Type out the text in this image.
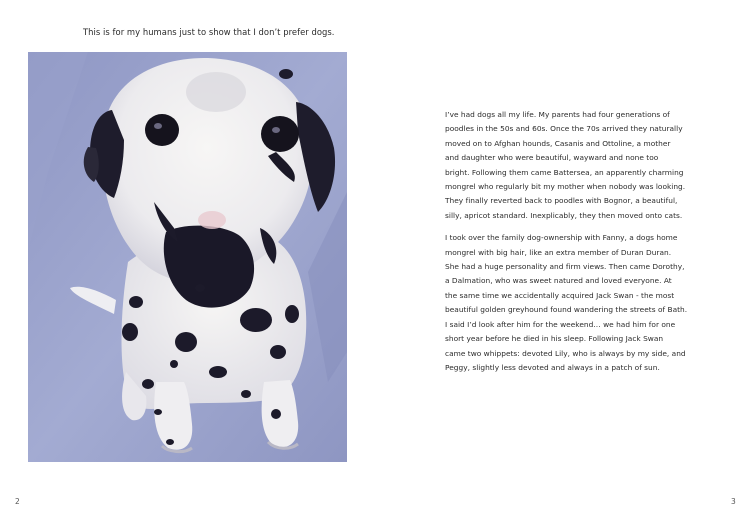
This is for my humans just to show that I don’t prefer dogs.

I’ve had dogs all my life. My parents had four generations of
poodles in the 50s and 60s. Once the 70s arrived they naturally
moved on to Afghan hounds, Casanis and Ottoline, a mother
and daughter who were beautiful, wayward and none too
bright. Following them came Battersea, an apparently charming
mongrel who regularly bit my mother when nobody was looking.
They finally reverted back to poodles with Bognor, a beautiful,
silly, apricot standard. Inexplicably, they then moved onto cats.

I took over the family dog-ownership with Fanny, a dogs home
mongrel with big hair, like an extra member of Duran Duran.
She had a huge personality and firm views. Then came Dorothy,
a Dalmation, who was sweet natured and loved everyone. At
the same time we accidentally acquired Jack Swan - the most
beautiful golden greyhound found wandering the streets of Bath.
I said I’d look after him for the weekend… we had him for one
short year before he died in his sleep. Following Jack Swan
came two whippets: devoted Lily, who is always by my side, and
Peggy, slightly less devoted and always in a patch of sun.

2	3
